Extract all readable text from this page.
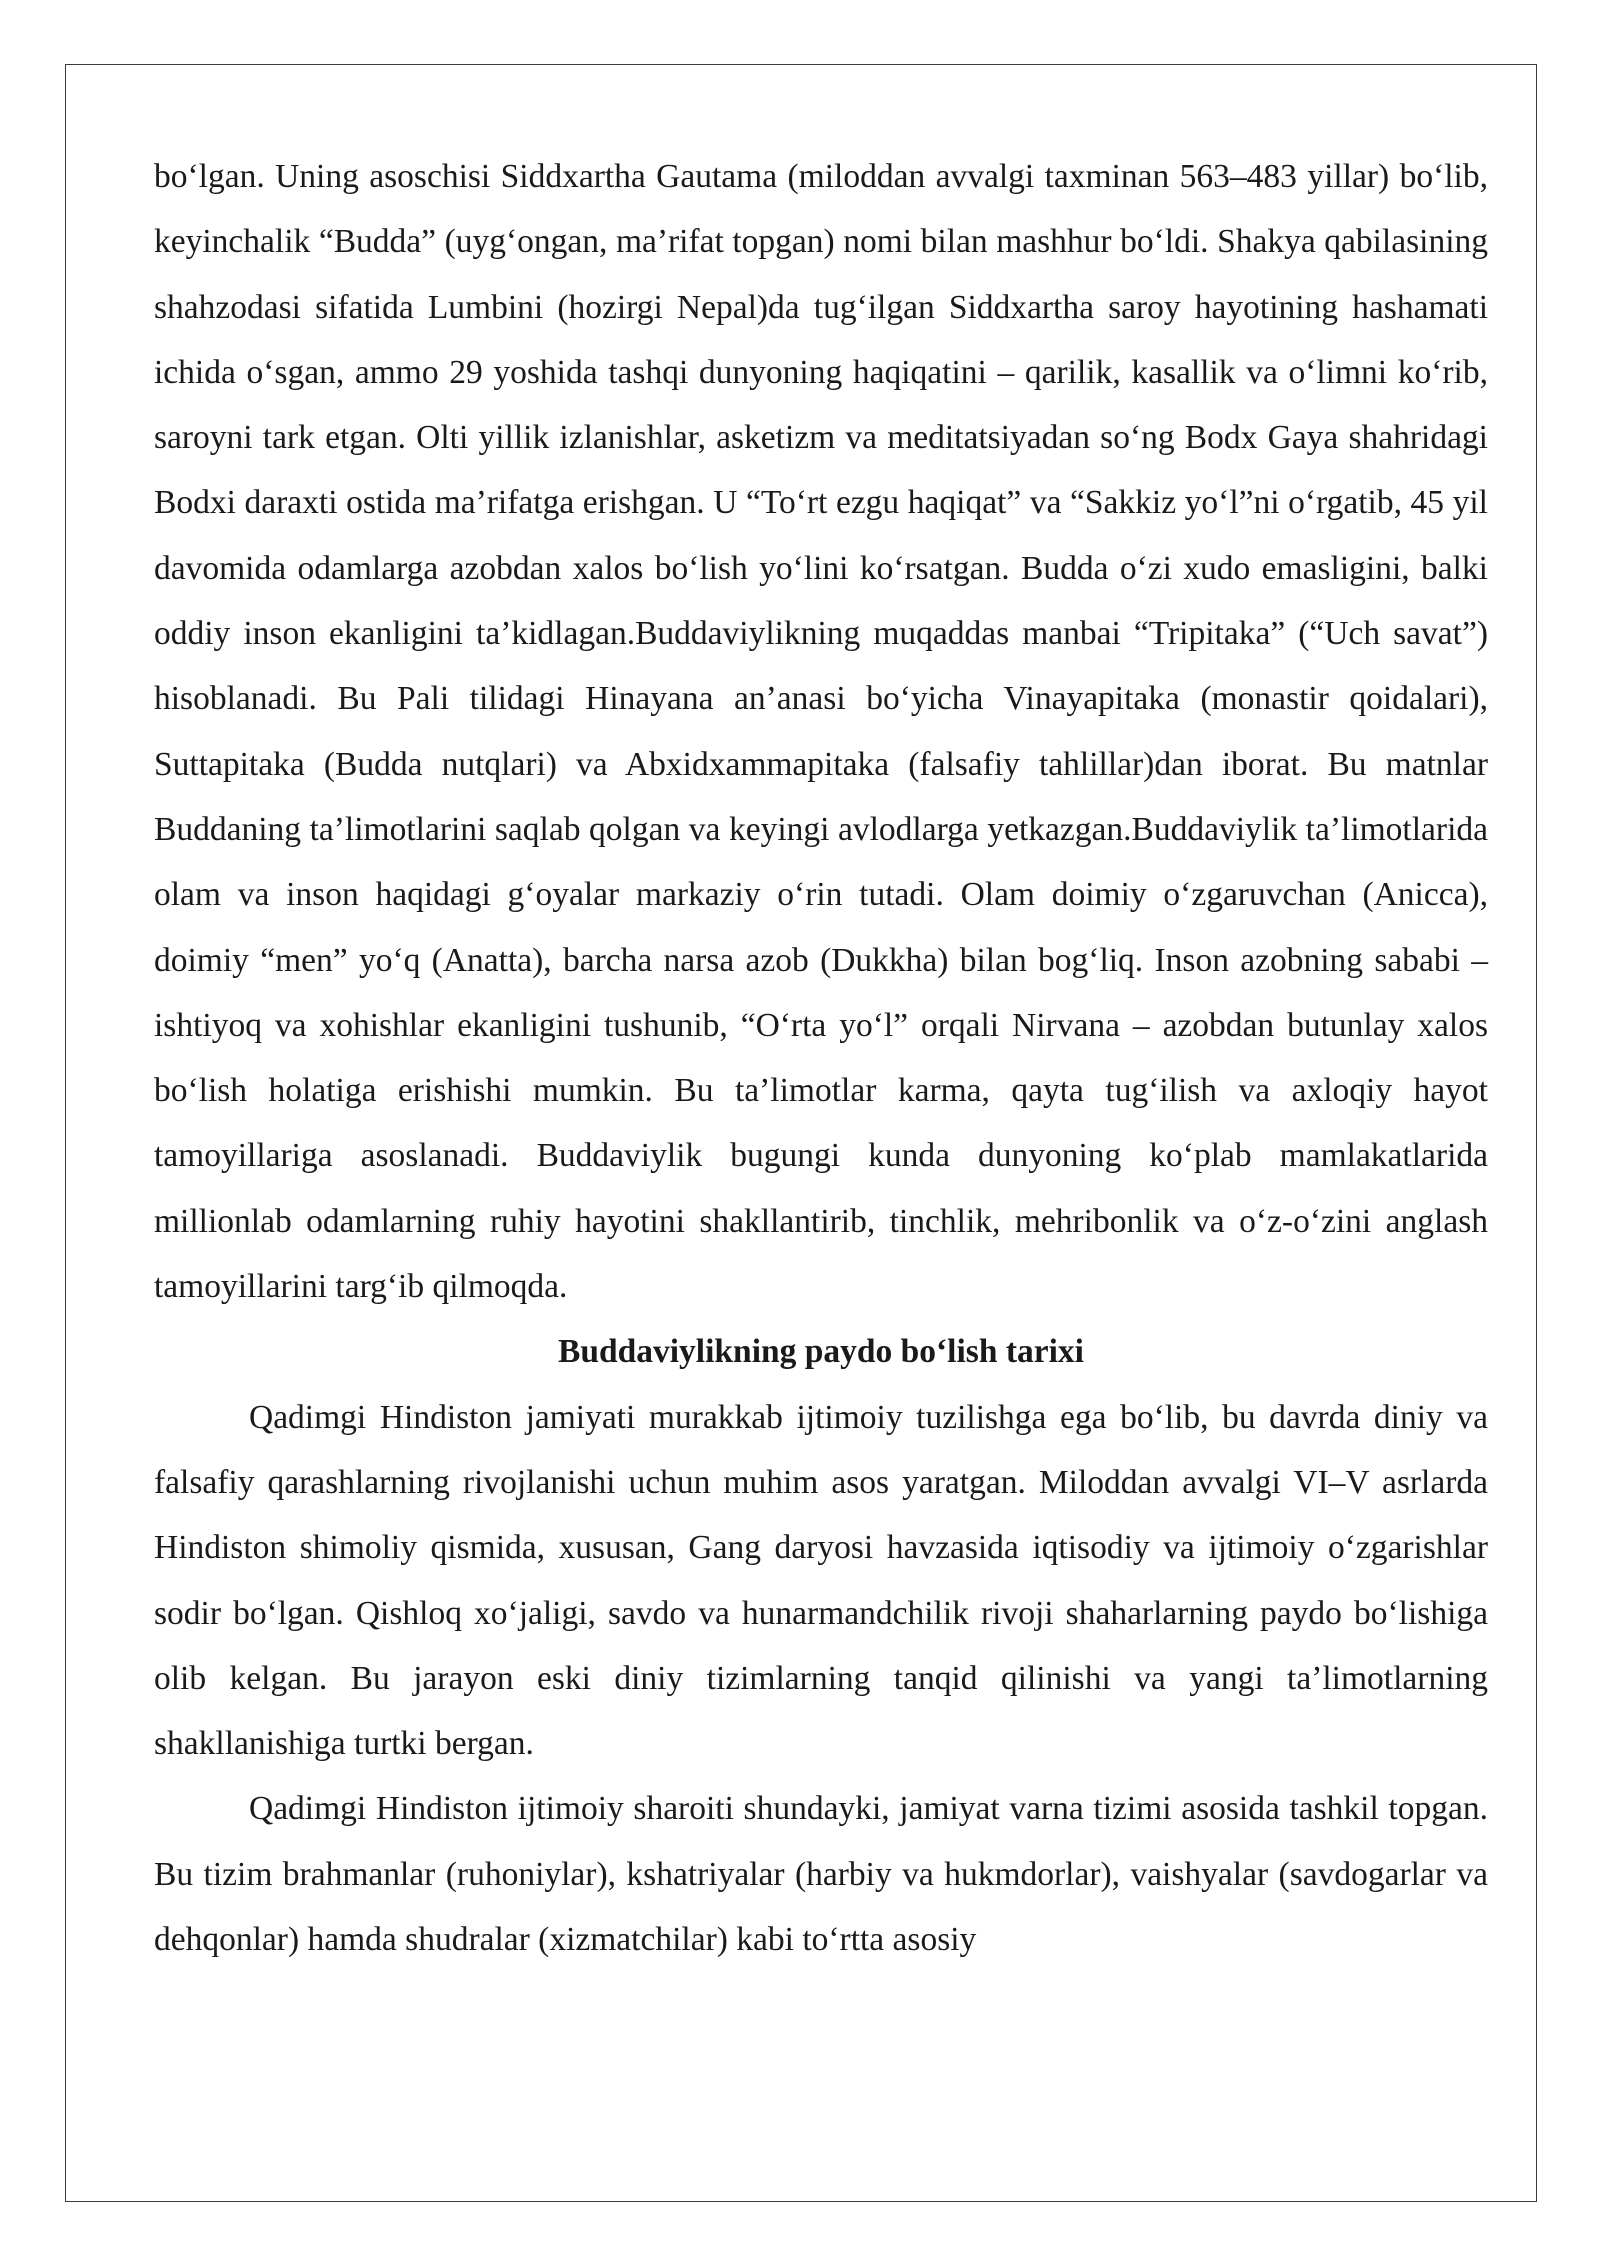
bo‘lgan. Uning asoschisi Siddxartha Gautama (miloddan avvalgi taxminan 563–483 yillar) bo‘lib, keyinchalik “Budda” (uyg‘ongan, ma’rifat topgan) nomi bilan mashhur bo‘ldi. Shakya qabilasining shahzodasi sifatida Lumbini (hozirgi Nepal)da tug‘ilgan Siddxartha saroy hayotining hashamati ichida o‘sgan, ammo 29 yoshida tashqi dunyoning haqiqatini – qarilik, kasallik va o‘limni ko‘rib, saroyni tark etgan. Olti yillik izlanishlar, asketizm va meditatsiyadan so‘ng Bodx Gaya shahridagi Bodxi daraxti ostida ma’rifatga erishgan. U “To‘rt ezgu haqiqat” va “Sakkiz yo‘l”ni o‘rgatib, 45 yil davomida odamlarga azobdan xalos bo‘lish yo‘lini ko‘rsatgan. Budda o‘zi xudo emasligini, balki oddiy inson ekanligini ta’kidlagan.Buddaviylikning muqaddas manbai “Tripitaka” (“Uch savat”) hisoblanadi. Bu Pali tilidagi Hinayana an’anasi bo‘yicha Vinayapitaka (monastir qoidalari), Suttapitaka (Budda nutqlari) va Abxidxammapitaka (falsafiy tahlillar)dan iborat. Bu matnlar Buddaning ta’limotlarini saqlab qolgan va keyingi avlodlarga yetkazgan.Buddaviylik ta’limotlarida olam va inson haqidagi g‘oyalar markaziy o‘rin tutadi. Olam doimiy o‘zgaruvchan (Anicca), doimiy “men” yo‘q (Anatta), barcha narsa azob (Dukkha) bilan bog‘liq. Inson azobning sababi – ishtiyoq va xohishlar ekanligini tushunib, “O‘rta yo‘l” orqali Nirvana – azobdan butunlay xalos bo‘lish holatiga erishishi mumkin. Bu ta’limotlar karma, qayta tug‘ilish va axloqiy hayot tamoyillariga asoslanadi. Buddaviylik bugungi kunda dunyoning ko‘plab mamlakatlarida millionlab odamlarning ruhiy hayotini shakllantirib, tinchlik, mehribonlik va o‘z-o‘zini anglash tamoyillarini targ‘ib qilmoqda.

Buddaviylikning paydo bo‘lish tarixi

Qadimgi Hindiston jamiyati murakkab ijtimoiy tuzilishga ega bo‘lib, bu davrda diniy va falsafiy qarashlarning rivojlanishi uchun muhim asos yaratgan. Miloddan avvalgi VI–V asrlarda Hindiston shimoliy qismida, xususan, Gang daryosi havzasida iqtisodiy va ijtimoiy o‘zgarishlar sodir bo‘lgan. Qishloq xo‘jaligi, savdo va hunarmandchilik rivoji shaharlarning paydo bo‘lishiga olib kelgan. Bu jarayon eski diniy tizimlarning tanqid qilinishi va yangi ta’limotlarning shakllanishiga turtki bergan.

Qadimgi Hindiston ijtimoiy sharoiti shundayki, jamiyat varna tizimi asosida tashkil topgan. Bu tizim brahmanlar (ruhoniylar), kshatriyalar (harbiy va hukmdorlar), vaishyalar (savdogarlar va dehqonlar) hamda shudralar (xizmatchilar) kabi to‘rtta asosiy
